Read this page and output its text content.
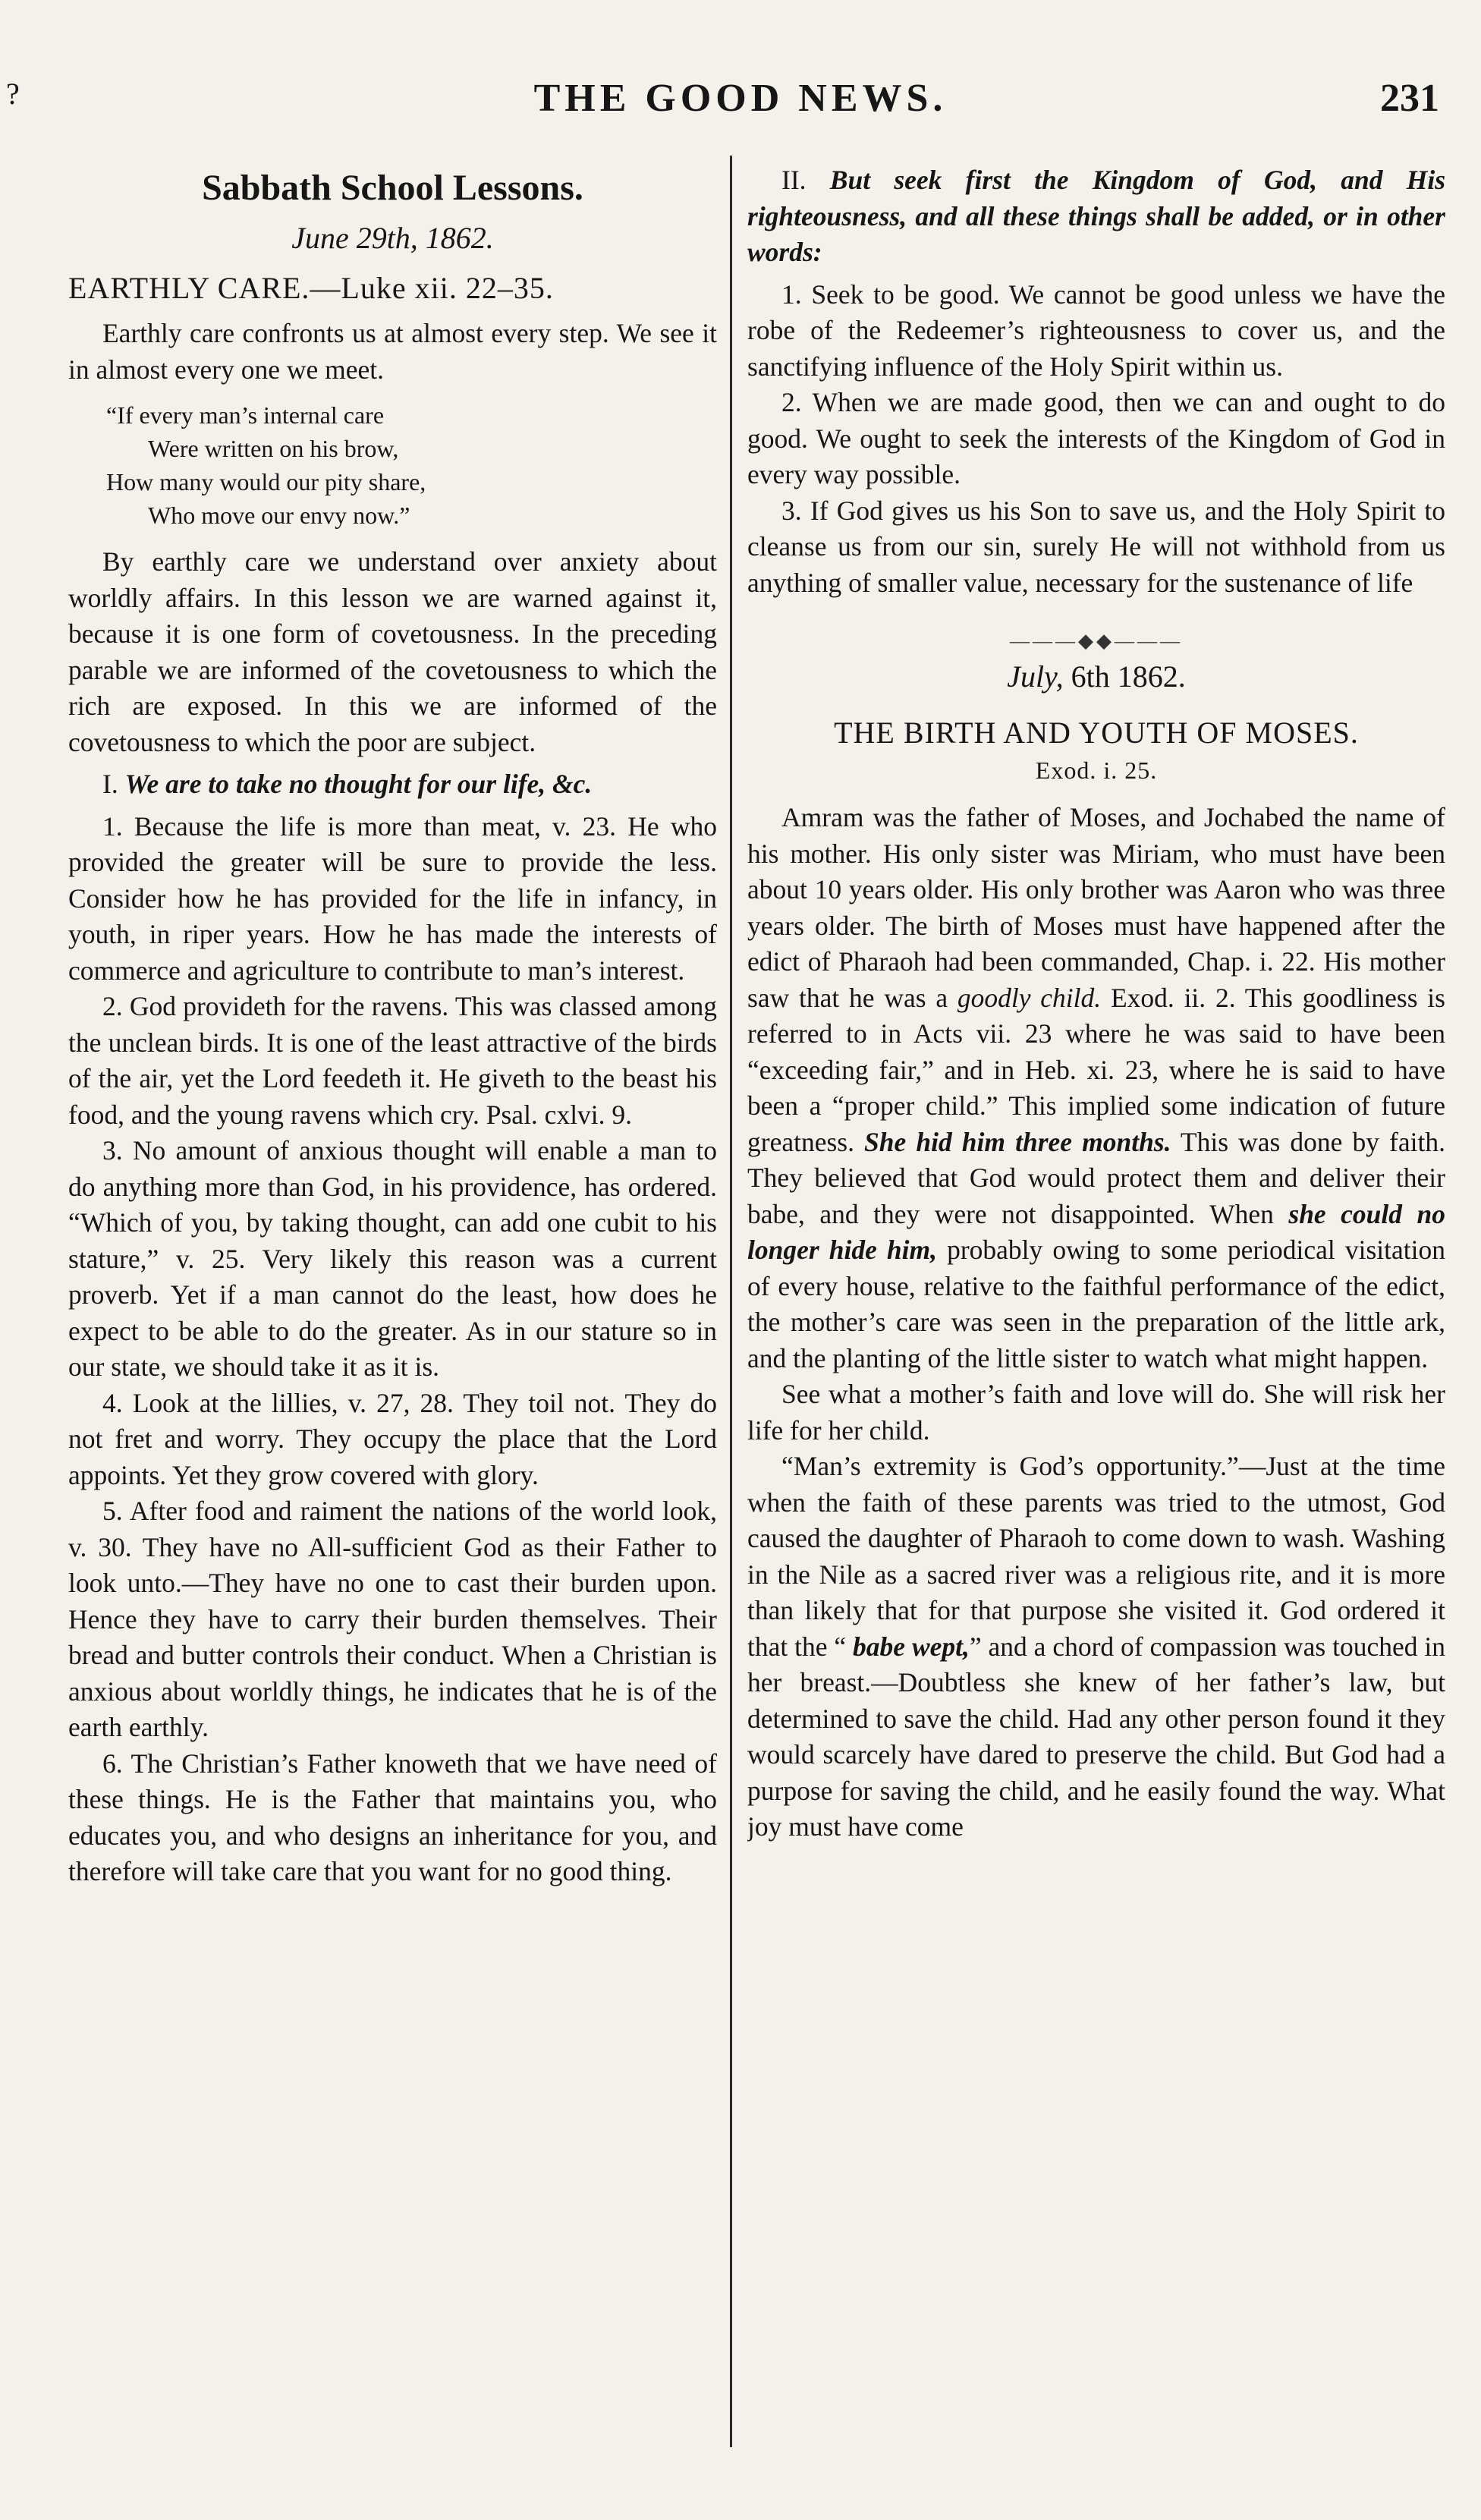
?	THE GOOD NEWS.	231
Sabbath School Lessons.
June 29th, 1862.
EARTHLY CARE.—Luke xii. 22–35.

Earthly care confronts us at almost every step. We see it in almost every one we meet.

“If every man’s internal care
Were written on his brow,
How many would our pity share,
Who move our envy now.”

By earthly care we understand over anxiety about worldly affairs. In this lesson we are warned against it, because it is one form of covetousness. In the preceding parable we are informed of the covetousness to which the rich are exposed. In this we are informed of the covetousness to which the poor are subject.

I. We are to take no thought for our life, &c.

1. Because the life is more than meat, v. 23. He who provided the greater will be sure to provide the less. Consider how he has provided for the life in infancy, in youth, in riper years. How he has made the interests of commerce and agriculture to contribute to man’s interest.

2. God provideth for the ravens. This was classed among the unclean birds. It is one of the least attractive of the birds of the air, yet the Lord feedeth it. He giveth to the beast his food, and the young ravens which cry. Psal. cxlvi. 9.

3. No amount of anxious thought will enable a man to do anything more than God, in his providence, has ordered. “Which of you, by taking thought, can add one cubit to his stature,” v. 25. Very likely this reason was a current proverb. Yet if a man cannot do the least, how does he expect to be able to do the greater. As in our stature so in our state, we should take it as it is.

4. Look at the lillies, v. 27, 28. They toil not. They do not fret and worry. They occupy the place that the Lord appoints. Yet they grow covered with glory.

5. After food and raiment the nations of the world look, v. 30. They have no All-sufficient God as their Father to look unto.—They have no one to cast their burden upon. Hence they have to carry their burden themselves. Their bread and butter controls their conduct. When a Christian is anxious about worldly things, he indicates that he is of the earth earthly.

6. The Christian’s Father knoweth that we have need of these things. He is the Father that maintains you, who educates you, and who designs an inheritance for you, and therefore will take care that you want for no good thing.

II. But seek first the Kingdom of God, and His righteousness, and all these things shall be added, or in other words:

1. Seek to be good. We cannot be good unless we have the robe of the Redeemer’s righteousness to cover us, and the sanctifying influence of the Holy Spirit within us.

2. When we are made good, then we can and ought to do good. We ought to seek the interests of the Kingdom of God in every way possible.

3. If God gives us his Son to save us, and the Holy Spirit to cleanse us from our sin, surely He will not withhold from us anything of smaller value, necessary for the sustenance of life

———◆◆———
July, 6th 1862.
THE BIRTH AND YOUTH OF MOSES.
Exod. i. 25.

Amram was the father of Moses, and Jochabed the name of his mother. His only sister was Miriam, who must have been about 10 years older. His only brother was Aaron who was three years older. The birth of Moses must have happened after the edict of Pharaoh had been commanded, Chap. i. 22. His mother saw that he was a goodly child. Exod. ii. 2. This goodliness is referred to in Acts vii. 23 where he was said to have been “exceeding fair,” and in Heb. xi. 23, where he is said to have been a “proper child.” This implied some indication of future greatness. She hid him three months. This was done by faith. They believed that God would protect them and deliver their babe, and they were not disappointed. When she could no longer hide him, probably owing to some periodical visitation of every house, relative to the faithful performance of the edict, the mother’s care was seen in the preparation of the little ark, and the planting of the little sister to watch what might happen.

See what a mother’s faith and love will do. She will risk her life for her child.

“Man’s extremity is God’s opportunity.”—Just at the time when the faith of these parents was tried to the utmost, God caused the daughter of Pharaoh to come down to wash. Washing in the Nile as a sacred river was a religious rite, and it is more than likely that for that purpose she visited it. God ordered it that the “ babe wept,” and a chord of compassion was touched in her breast.—Doubtless she knew of her father’s law, but determined to save the child. Had any other person found it they would scarcely have dared to preserve the child. But God had a purpose for saving the child, and he easily found the way. What joy must have come
